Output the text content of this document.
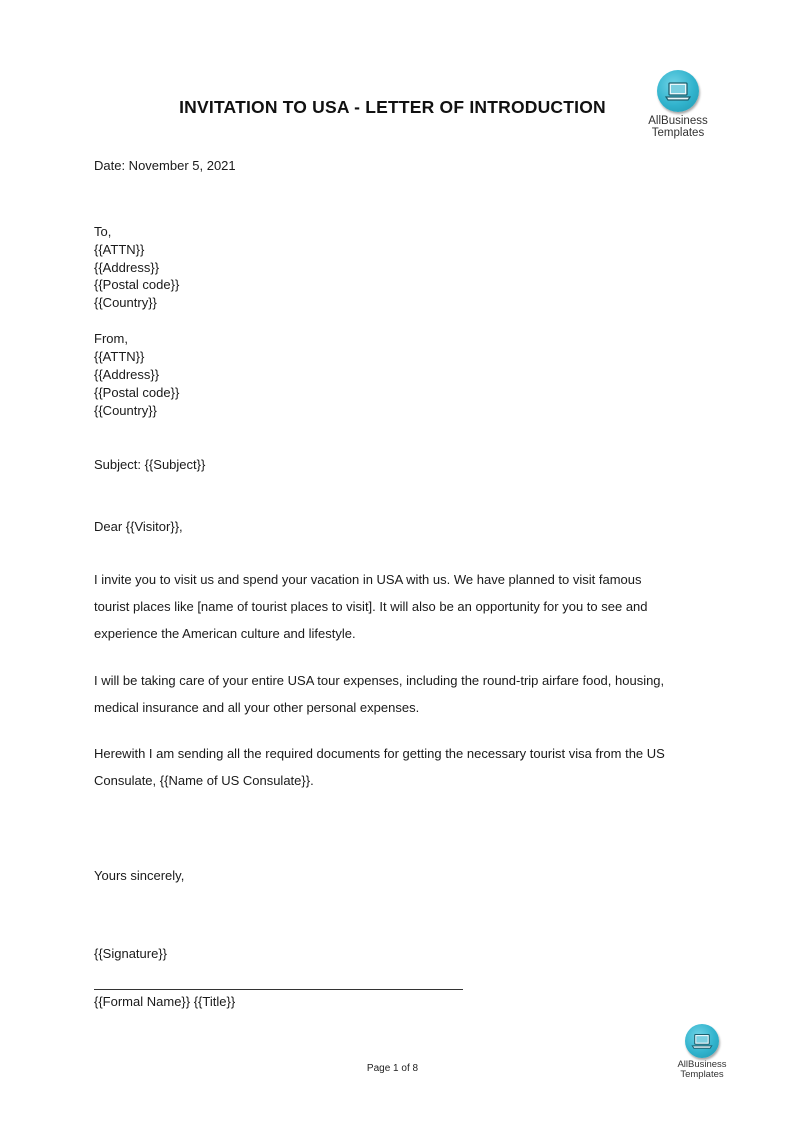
INVITATION TO USA - LETTER OF INTRODUCTION
AllBusiness
Templates
Date: November 5, 2021
To,
{{ATTN}}
{{Address}}
{{Postal code}}
{{Country}}
From,
{{ATTN}}
{{Address}}
{{Postal code}}
{{Country}}
Subject: {{Subject}}
Dear {{Visitor}},
I invite you to visit us and spend your vacation in USA with us. We have planned to visit famous
tourist places like [name of tourist places to visit]. It will also be an opportunity for you to see and
experience the American culture and lifestyle.
I will be taking care of your entire USA tour expenses, including the round-trip airfare food, housing,
medical insurance and all your other personal expenses.
Herewith I am sending all the required documents for getting the necessary tourist visa from the US
Consulate, {{Name of US Consulate}}.
Yours sincerely,
{{Signature}}
{{Formal Name}} {{Title}}
Page 1 of 8	AllBusiness
Templates
